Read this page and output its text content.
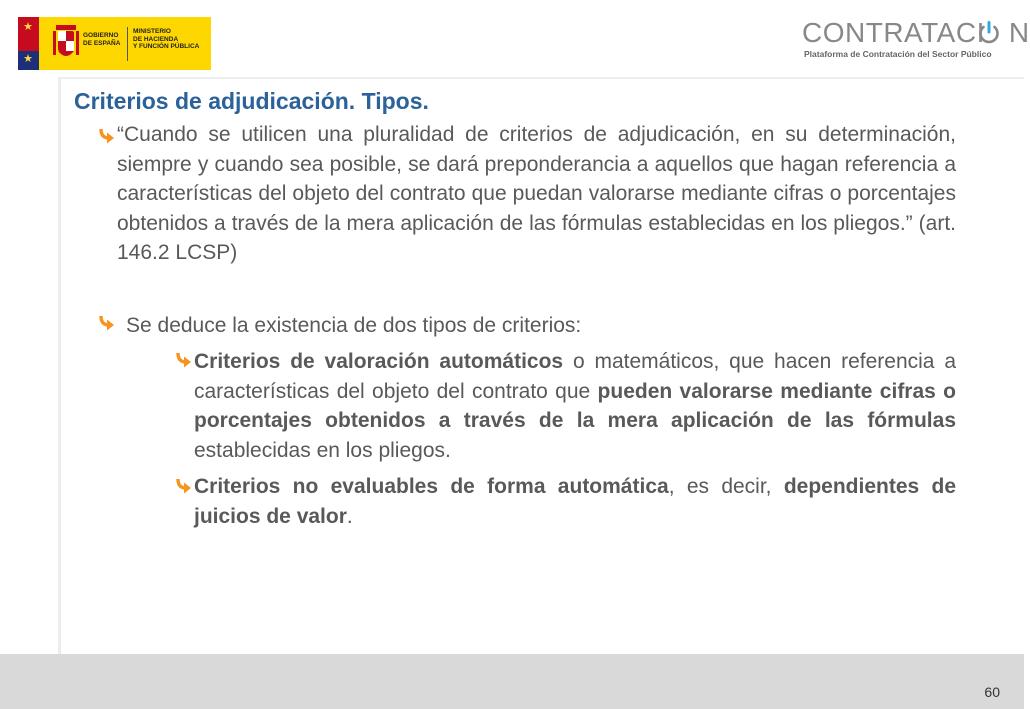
★
★
GOBIERNO
DE ESPAÑA
MINISTERIO
DE HACIENDA
Y FUNCIÓN PÚBLICA	CONTRATACI N
Plataforma de Contratación del Sector Público
Criterios de adjudicación. Tipos.

“Cuando se utilicen una pluralidad de criterios de adjudicación, en su determinación, siempre y cuando sea posible, se dará preponderancia a aquellos que hagan referencia a características del objeto del contrato que puedan valorarse mediante cifras o porcentajes obtenidos a través de la mera aplicación de las fórmulas establecidas en los pliegos.” (art. 146.2 LCSP)

Se deduce la existencia de dos tipos de criterios:

Criterios de valoración automáticos o matemáticos, que hacen referencia a características del objeto del contrato que pueden valorarse mediante cifras o porcentajes obtenidos a través de la mera aplicación de las fórmulas establecidas en los pliegos.

Criterios no evaluables de forma automática, es decir, dependientes de juicios de valor.

60
